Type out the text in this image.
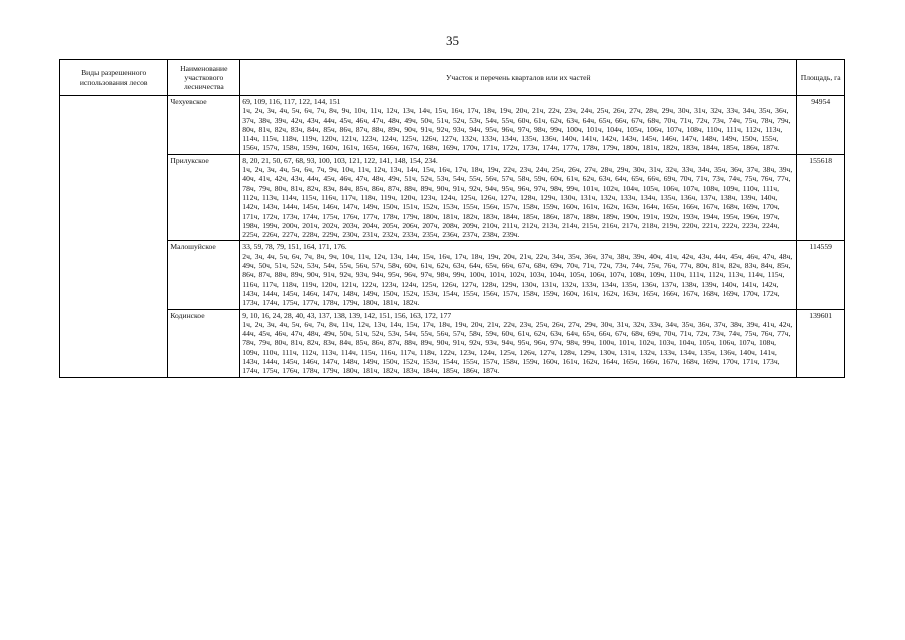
35
Виды разрешенного использования лесов	Наименование участкового лесничества	Участок и перечень кварталов или их частей	Площадь, га
	Чехуевское	69, 109, 116, 117, 122, 144, 151
1ч, 2ч, 3ч, 4ч, 5ч, 6ч, 7ч, 8ч, 9ч, 10ч, 11ч, 12ч, 13ч, 14ч, 15ч, 16ч, 17ч, 18ч, 19ч, 20ч, 21ч, 22ч, 23ч, 24ч, 25ч, 26ч, 27ч, 28ч, 29ч, 30ч, 31ч, 32ч, 33ч, 34ч, 35ч, 36ч, 37ч, 38ч, 39ч, 42ч, 43ч, 44ч, 45ч, 46ч, 47ч, 48ч, 49ч, 50ч, 51ч, 52ч, 53ч, 54ч, 55ч, 60ч, 61ч, 62ч, 63ч, 64ч, 65ч, 66ч, 67ч, 68ч, 70ч, 71ч, 72ч, 73ч, 74ч, 75ч, 78ч, 79ч, 80ч, 81ч, 82ч, 83ч, 84ч, 85ч, 86ч, 87ч, 88ч, 89ч, 90ч, 91ч, 92ч, 93ч, 94ч, 95ч, 96ч, 97ч, 98ч, 99ч, 100ч, 101ч, 104ч, 105ч, 106ч, 107ч, 108ч, 110ч, 111ч, 112ч, 113ч, 114ч, 115ч, 118ч, 119ч, 120ч, 121ч, 123ч, 124ч, 125ч, 126ч, 127ч, 132ч, 133ч, 134ч, 135ч, 136ч, 140ч, 141ч, 142ч, 143ч, 145ч, 146ч, 147ч, 148ч, 149ч, 150ч, 155ч, 156ч, 157ч, 158ч, 159ч, 160ч, 161ч, 165ч, 166ч, 167ч, 168ч, 169ч, 170ч, 171ч, 172ч, 173ч, 174ч, 177ч, 178ч, 179ч, 180ч, 181ч, 182ч, 183ч, 184ч, 185ч, 186ч, 187ч.	94954
	Прилукское	8, 20, 21, 50, 67, 68, 93, 100, 103, 121, 122, 141, 148, 154, 234.
1ч, 2ч, 3ч, 4ч, 5ч, 6ч, 7ч, 9ч, 10ч, 11ч, 12ч, 13ч, 14ч, 15ч, 16ч, 17ч, 18ч, 19ч, 22ч, 23ч, 24ч, 25ч, 26ч, 27ч, 28ч, 29ч, 30ч, 31ч, 32ч, 33ч, 34ч, 35ч, 36ч, 37ч, 38ч, 39ч, 40ч, 41ч, 42ч, 43ч, 44ч, 45ч, 46ч, 47ч, 48ч, 49ч, 51ч, 52ч, 53ч, 54ч, 55ч, 56ч, 57ч, 58ч, 59ч, 60ч, 61ч, 62ч, 63ч, 64ч, 65ч, 66ч, 69ч, 70ч, 71ч, 73ч, 74ч, 75ч, 76ч, 77ч, 78ч, 79ч, 80ч, 81ч, 82ч, 83ч, 84ч, 85ч, 86ч, 87ч, 88ч, 89ч, 90ч, 91ч, 92ч, 94ч, 95ч, 96ч, 97ч, 98ч, 99ч, 101ч, 102ч, 104ч, 105ч, 106ч, 107ч, 108ч, 109ч, 110ч, 111ч, 112ч, 113ч, 114ч, 115ч, 116ч, 117ч, 118ч, 119ч, 120ч, 123ч, 124ч, 125ч, 126ч, 127ч, 128ч, 129ч, 130ч, 131ч, 132ч, 133ч, 134ч, 135ч, 136ч, 137ч, 138ч, 139ч, 140ч, 142ч, 143ч, 144ч, 145ч, 146ч, 147ч, 149ч, 150ч, 151ч, 152ч, 153ч, 155ч, 156ч, 157ч, 158ч, 159ч, 160ч, 161ч, 162ч, 163ч, 164ч, 165ч, 166ч, 167ч, 168ч, 169ч, 170ч, 171ч, 172ч, 173ч, 174ч, 175ч, 176ч, 177ч, 178ч, 179ч, 180ч, 181ч, 182ч, 183ч, 184ч, 185ч, 186ч, 187ч, 188ч, 189ч, 190ч, 191ч, 192ч, 193ч, 194ч, 195ч, 196ч, 197ч, 198ч, 199ч, 200ч, 201ч, 202ч, 203ч, 204ч, 205ч, 206ч, 207ч, 208ч, 209ч, 210ч, 211ч, 212ч, 213ч, 214ч, 215ч, 216ч, 217ч, 218ч, 219ч, 220ч, 221ч, 222ч, 223ч, 224ч, 225ч, 226ч, 227ч, 228ч, 229ч, 230ч, 231ч, 232ч, 233ч, 235ч, 236ч, 237ч, 238ч, 239ч.	155618
	Малошуйское	33, 59, 78, 79, 151, 164, 171, 176.
2ч, 3ч, 4ч, 5ч, 6ч, 7ч, 8ч, 9ч, 10ч, 11ч, 12ч, 13ч, 14ч, 15ч, 16ч, 17ч, 18ч, 19ч, 20ч, 21ч, 22ч, 34ч, 35ч, 36ч, 37ч, 38ч, 39ч, 40ч, 41ч, 42ч, 43ч, 44ч, 45ч, 46ч, 47ч, 48ч, 49ч, 50ч, 51ч, 52ч, 53ч, 54ч, 55ч, 56ч, 57ч, 58ч, 60ч, 61ч, 62ч, 63ч, 64ч, 65ч, 66ч, 67ч, 68ч, 69ч, 70ч, 71ч, 72ч, 73ч, 74ч, 75ч, 76ч, 77ч, 80ч, 81ч, 82ч, 83ч, 84ч, 85ч, 86ч, 87ч, 88ч, 89ч, 90ч, 91ч, 92ч, 93ч, 94ч, 95ч, 96ч, 97ч, 98ч, 99ч, 100ч, 101ч, 102ч, 103ч, 104ч, 105ч, 106ч, 107ч, 108ч, 109ч, 110ч, 111ч, 112ч, 113ч, 114ч, 115ч, 116ч, 117ч, 118ч, 119ч, 120ч, 121ч, 122ч, 123ч, 124ч, 125ч, 126ч, 127ч, 128ч, 129ч, 130ч, 131ч, 132ч, 133ч, 134ч, 135ч, 136ч, 137ч, 138ч, 139ч, 140ч, 141ч, 142ч, 143ч, 144ч, 145ч, 146ч, 147ч, 148ч, 149ч, 150ч, 152ч, 153ч, 154ч, 155ч, 156ч, 157ч, 158ч, 159ч, 160ч, 161ч, 162ч, 163ч, 165ч, 166ч, 167ч, 168ч, 169ч, 170ч, 172ч, 173ч, 174ч, 175ч, 177ч, 178ч, 179ч, 180ч, 181ч, 182ч.	114559
	Кодинское	9, 10, 16, 24, 28, 40, 43, 137, 138, 139, 142, 151, 156, 163, 172, 177
1ч, 2ч, 3ч, 4ч, 5ч, 6ч, 7ч, 8ч, 11ч, 12ч, 13ч, 14ч, 15ч, 17ч, 18ч, 19ч, 20ч, 21ч, 22ч, 23ч, 25ч, 26ч, 27ч, 29ч, 30ч, 31ч, 32ч, 33ч, 34ч, 35ч, 36ч, 37ч, 38ч, 39ч, 41ч, 42ч, 44ч, 45ч, 46ч, 47ч, 48ч, 49ч, 50ч, 51ч, 52ч, 53ч, 54ч, 55ч, 56ч, 57ч, 58ч, 59ч, 60ч, 61ч, 62ч, 63ч, 64ч, 65ч, 66ч, 67ч, 68ч, 69ч, 70ч, 71ч, 72ч, 73ч, 74ч, 75ч, 76ч, 77ч, 78ч, 79ч, 80ч, 81ч, 82ч, 83ч, 84ч, 85ч, 86ч, 87ч, 88ч, 89ч, 90ч, 91ч, 92ч, 93ч, 94ч, 95ч, 96ч, 97ч, 98ч, 99ч, 100ч, 101ч, 102ч, 103ч, 104ч, 105ч, 106ч, 107ч, 108ч, 109ч, 110ч, 111ч, 112ч, 113ч, 114ч, 115ч, 116ч, 117ч, 118ч, 122ч, 123ч, 124ч, 125ч, 126ч, 127ч, 128ч, 129ч, 130ч, 131ч, 132ч, 133ч, 134ч, 135ч, 136ч, 140ч, 141ч, 143ч, 144ч, 145ч, 146ч, 147ч, 148ч, 149ч, 150ч, 152ч, 153ч, 154ч, 155ч, 157ч, 158ч, 159ч, 160ч, 161ч, 162ч, 164ч, 165ч, 166ч, 167ч, 168ч, 169ч, 170ч, 171ч, 173ч, 174ч, 175ч, 176ч, 178ч, 179ч, 180ч, 181ч, 182ч, 183ч, 184ч, 185ч, 186ч, 187ч.	139601
